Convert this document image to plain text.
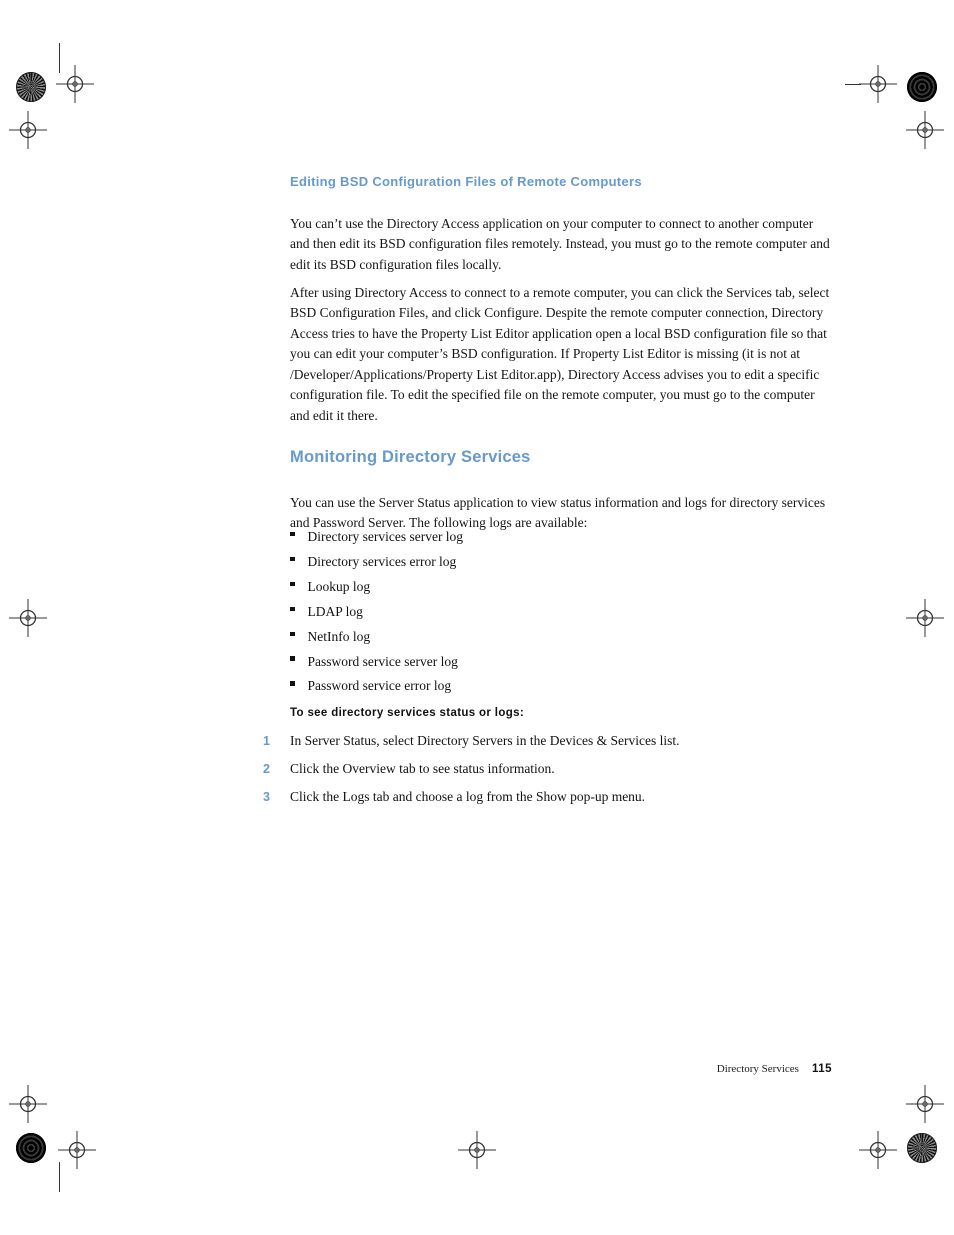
Editing BSD Configuration Files of Remote Computers

You can’t use the Directory Access application on your computer to connect to another computer and then edit its BSD configuration files remotely. Instead, you must go to the remote computer and edit its BSD configuration files locally.

After using Directory Access to connect to a remote computer, you can click the Services tab, select BSD Configuration Files, and click Configure. Despite the remote computer connection, Directory Access tries to have the Property List Editor application open a local BSD configuration file so that you can edit your computer’s BSD configuration. If Property List Editor is missing (it is not at /Developer/Applications/Property List Editor.app), Directory Access advises you to edit a specific configuration file. To edit the specified file on the remote computer, you must go to the computer and edit it there.

Monitoring Directory Services

You can use the Server Status application to view status information and logs for directory services and Password Server. The following logs are available:

Directory services server log
Directory services error log
Lookup log
LDAP log
NetInfo log
Password service server log
Password service error log
To see directory services status or logs:
1	In Server Status, select Directory Servers in the Devices & Services list.
2	Click the Overview tab to see status information.
3	Click the Logs tab and choose a log from the Show pop-up menu.
Directory Services 115
